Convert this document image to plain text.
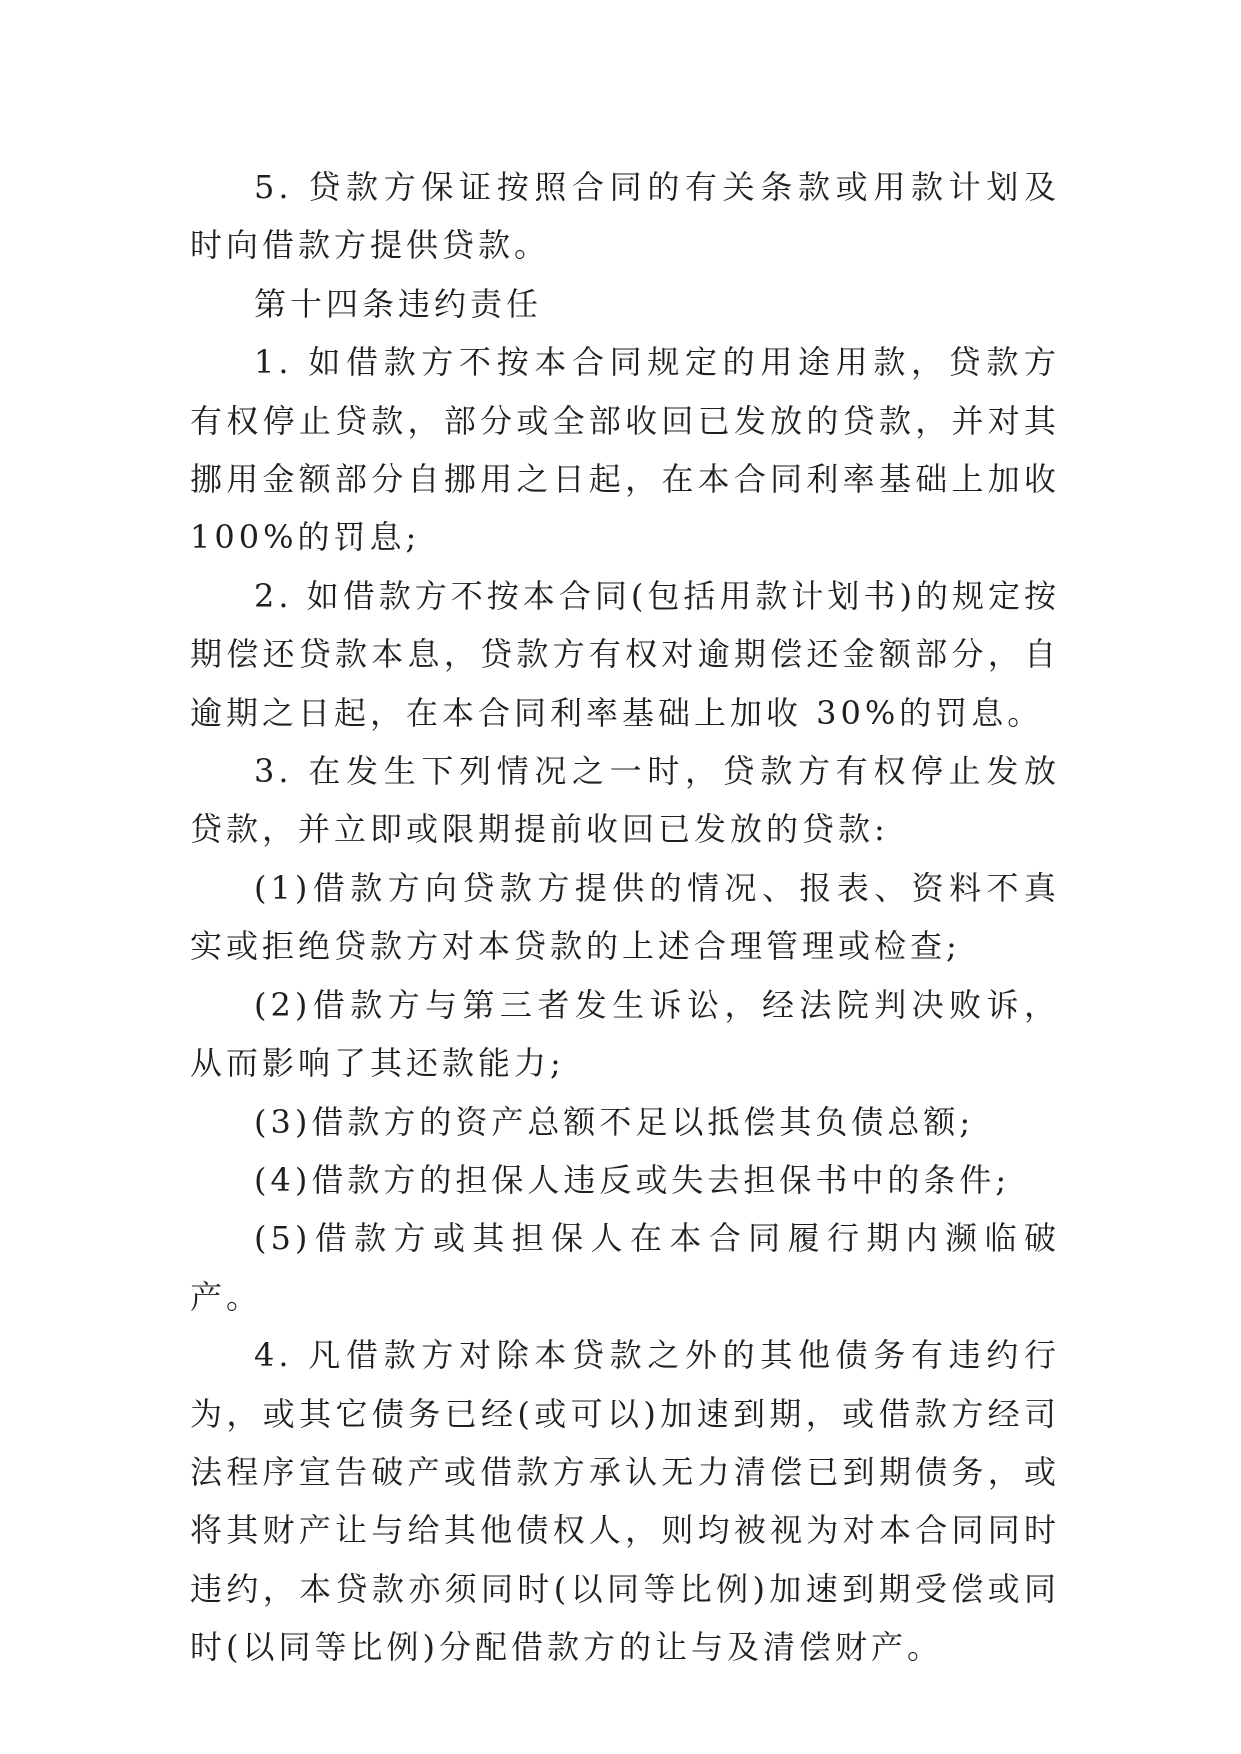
5. 贷款方保证按照合同的有关条款或用款计划及时向借款方提供贷款。

第十四条违约责任

1. 如借款方不按本合同规定的用途用款，贷款方有权停止贷款，部分或全部收回已发放的贷款，并对其挪用金额部分自挪用之日起，在本合同利率基础上加收 100%的罚息;

2. 如借款方不按本合同(包括用款计划书)的规定按期偿还贷款本息，贷款方有权对逾期偿还金额部分，自逾期之日起，在本合同利率基础上加收 30%的罚息。

3. 在发生下列情况之一时，贷款方有权停止发放贷款，并立即或限期提前收回已发放的贷款:

(1)借款方向贷款方提供的情况、报表、资料不真实或拒绝贷款方对本贷款的上述合理管理或检查;

(2)借款方与第三者发生诉讼，经法院判决败诉，从而影响了其还款能力;

(3)借款方的资产总额不足以抵偿其负债总额;

(4)借款方的担保人违反或失去担保书中的条件;

(5)借款方或其担保人在本合同履行期内濒临破产。

4. 凡借款方对除本贷款之外的其他债务有违约行为，或其它债务已经(或可以)加速到期，或借款方经司法程序宣告破产或借款方承认无力清偿已到期债务，或将其财产让与给其他债权人，则均被视为对本合同同时违约，本贷款亦须同时(以同等比例)加速到期受偿或同时(以同等比例)分配借款方的让与及清偿财产。
